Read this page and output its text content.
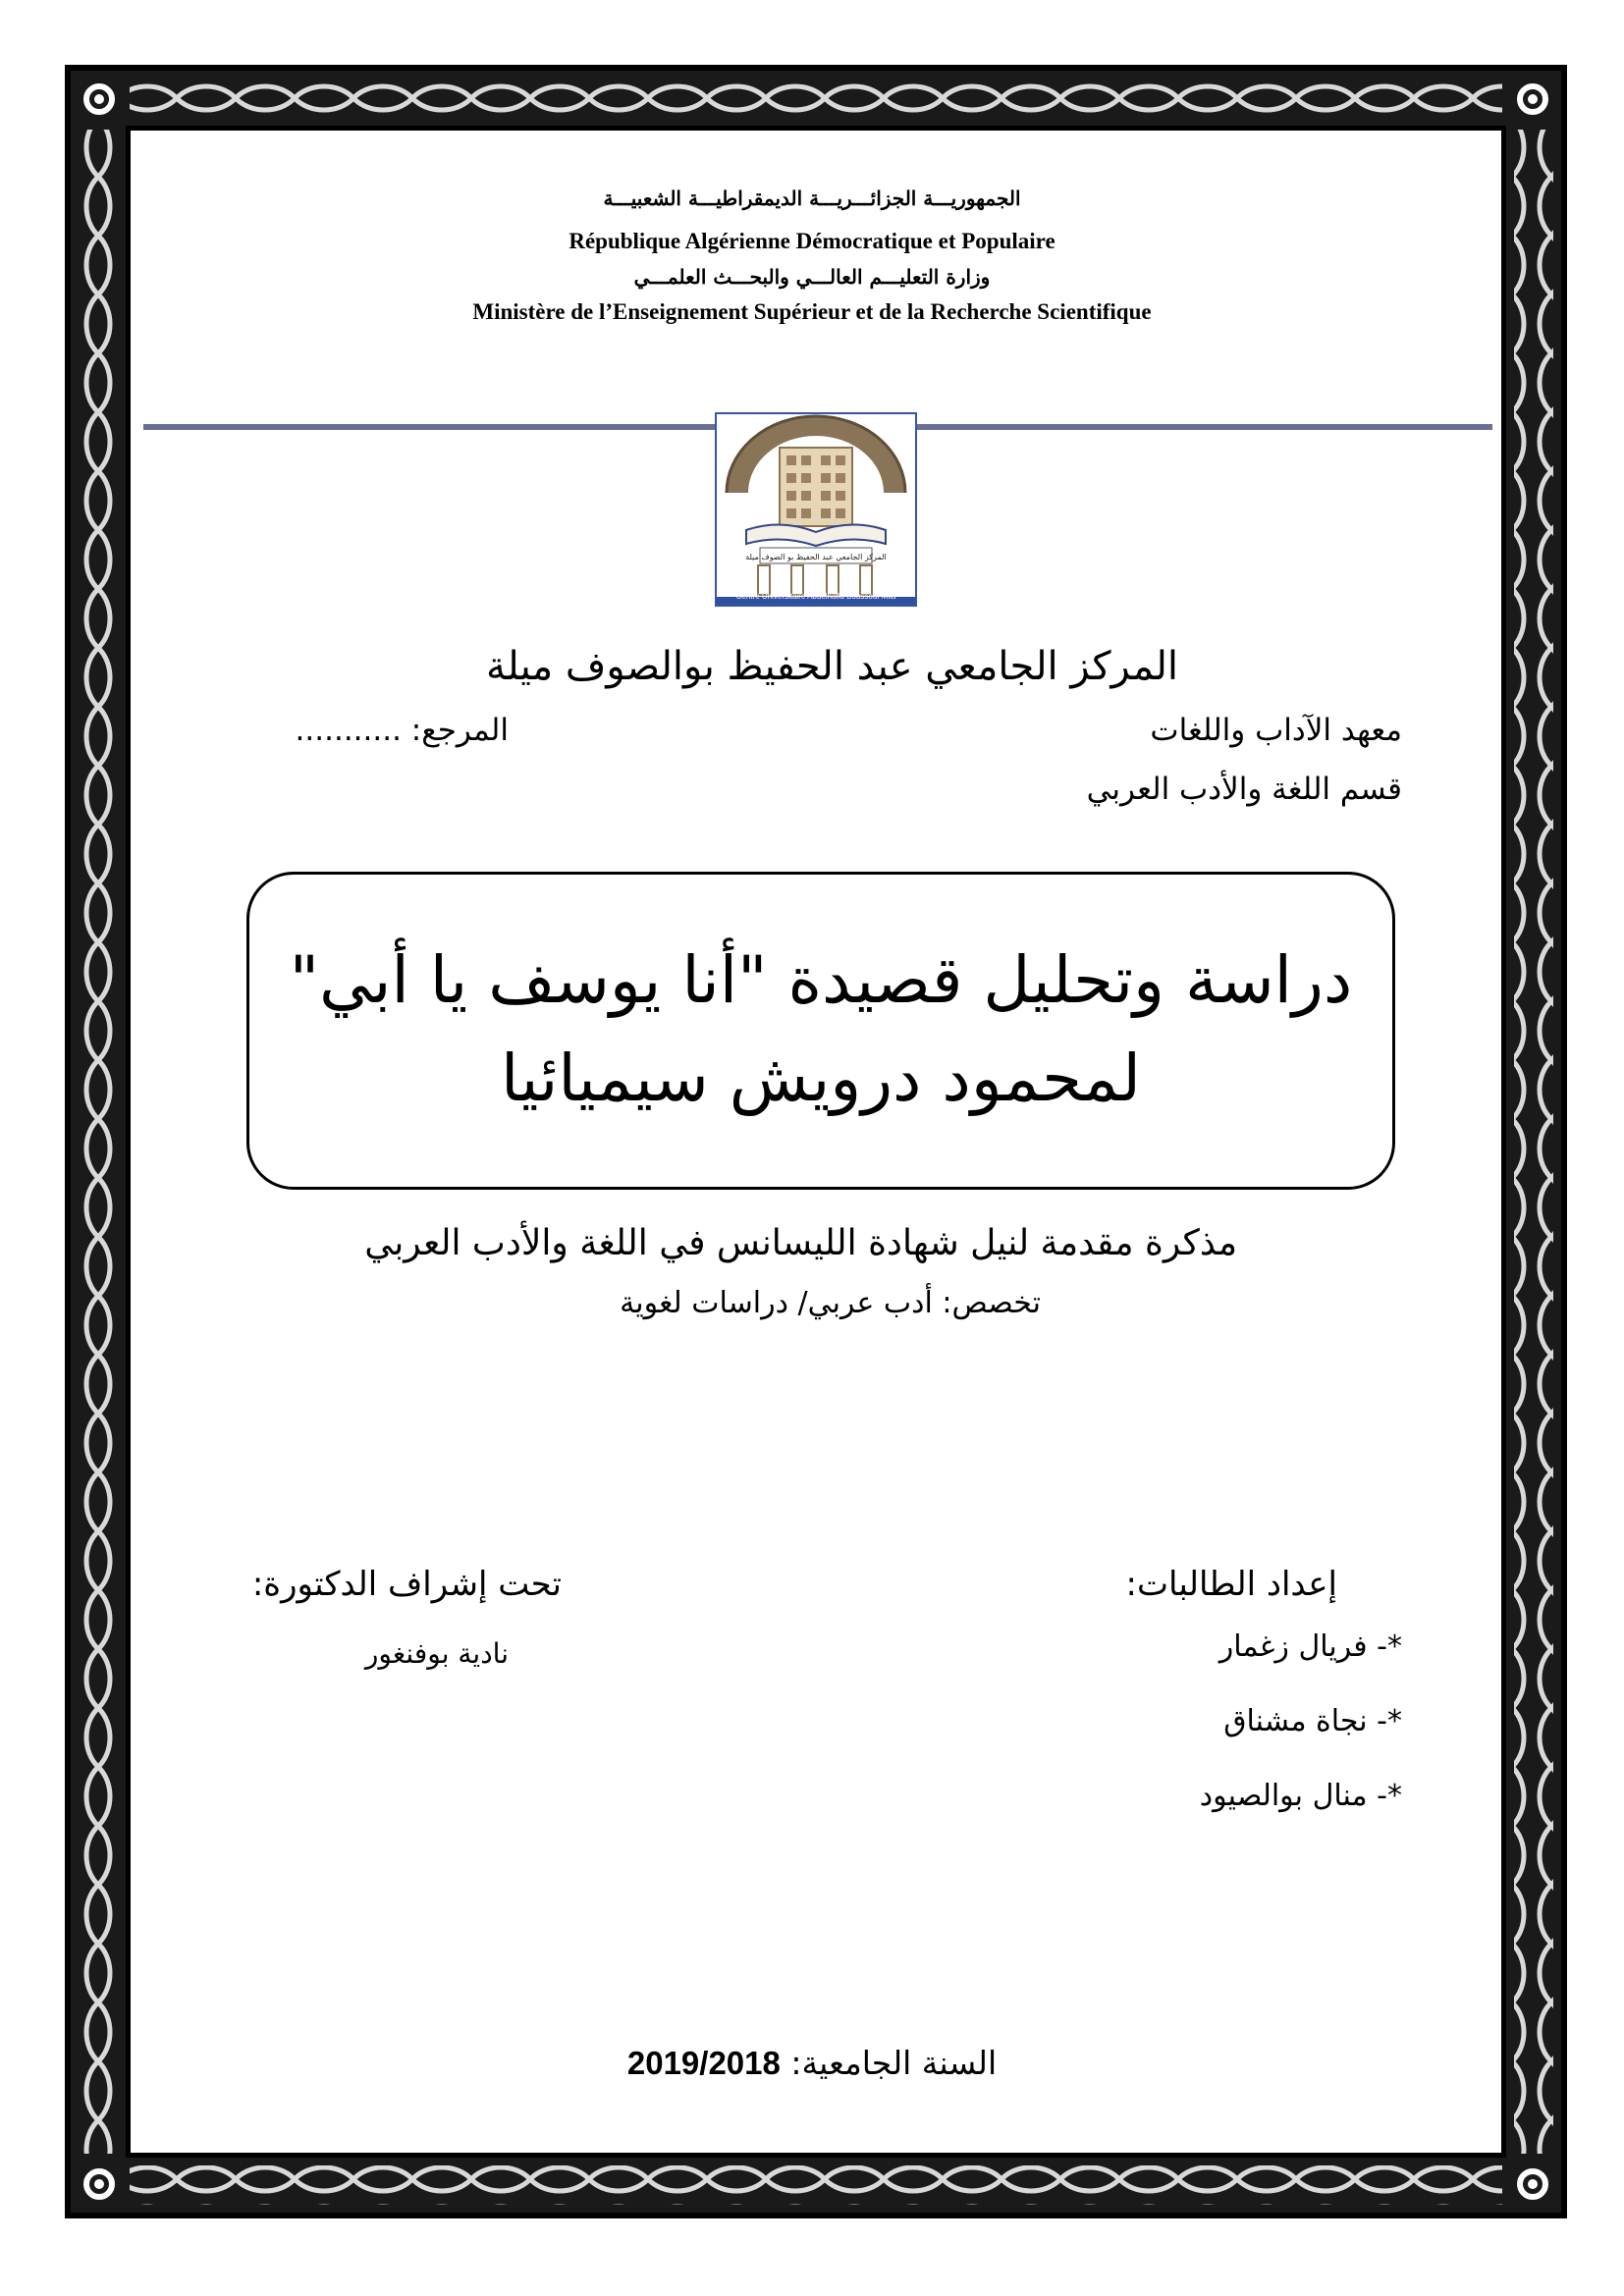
الجمهوريـــة الجزائـــريـــة الديمقراطيـــة الشعبيـــة
République Algérienne Démocratique et Populaire
وزارة التعليـــم العالـــي والبحـــث العلمـــي
Ministère de l’Enseignement Supérieur et de la Recherche Scientifique
المركز الجامعي عبد الحفيظ بو الصوف ميلة
Centre Universitaire Abdelhafid Boussouf Mila
المركز الجامعي عبد الحفيظ بوالصوف ميلة
معهد الآداب واللغات
المرجع: ...........
قسم اللغة والأدب العربي
دراسة وتحليل قصيدة "أنا يوسف يا أبي"
لمحمود درويش سيميائيا
مذكرة مقدمة لنيل شهادة الليسانس في اللغة والأدب العربي
تخصص: أدب عربي/ دراسات لغوية
إعداد الطالبات:
*- فريال زغمار
*- نجاة مشناق
*- منال بوالصيود
تحت إشراف الدكتورة:
نادية بوفنغور
السنة الجامعية: 2019/2018
